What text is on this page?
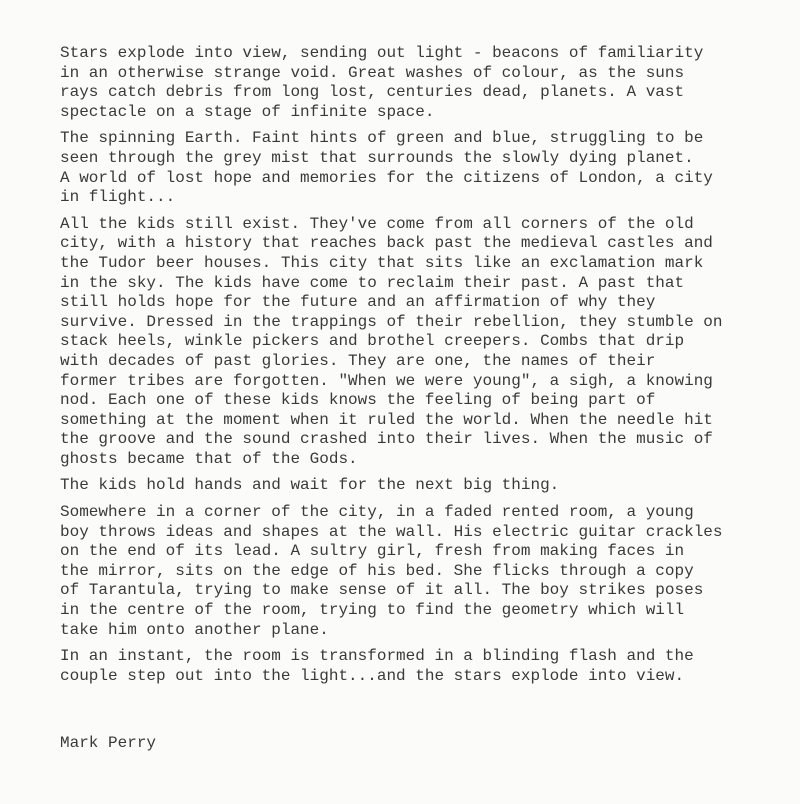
Stars explode into view, sending out light - beacons of familiarity
in an otherwise strange void. Great washes of colour, as the suns
rays catch debris from long lost, centuries dead, planets. A vast
spectacle on a stage of infinite space.

The spinning Earth. Faint hints of green and blue, struggling to be
seen through the grey mist that surrounds the slowly dying planet.
A world of lost hope and memories for the citizens of London, a city
in flight...

All the kids still exist. They've come from all corners of the old
city, with a history that reaches back past the medieval castles and
the Tudor beer houses. This city that sits like an exclamation mark
in the sky. The kids have come to reclaim their past. A past that
still holds hope for the future and an affirmation of why they
survive. Dressed in the trappings of their rebellion, they stumble on
stack heels, winkle pickers and brothel creepers. Combs that drip
with decades of past glories. They are one, the names of their
former tribes are forgotten. "When we were young", a sigh, a knowing
nod. Each one of these kids knows the feeling of being part of
something at the moment when it ruled the world. When the needle hit
the groove and the sound crashed into their lives. When the music of
ghosts became that of the Gods.

The kids hold hands and wait for the next big thing.

Somewhere in a corner of the city, in a faded rented room, a young
boy throws ideas and shapes at the wall. His electric guitar crackles
on the end of its lead. A sultry girl, fresh from making faces in
the mirror, sits on the edge of his bed. She flicks through a copy
of Tarantula, trying to make sense of it all. The boy strikes poses
in the centre of the room, trying to find the geometry which will
take him onto another plane.

In an instant, the room is transformed in a blinding flash and the
couple step out into the light...and the stars explode into view.

Mark Perry
